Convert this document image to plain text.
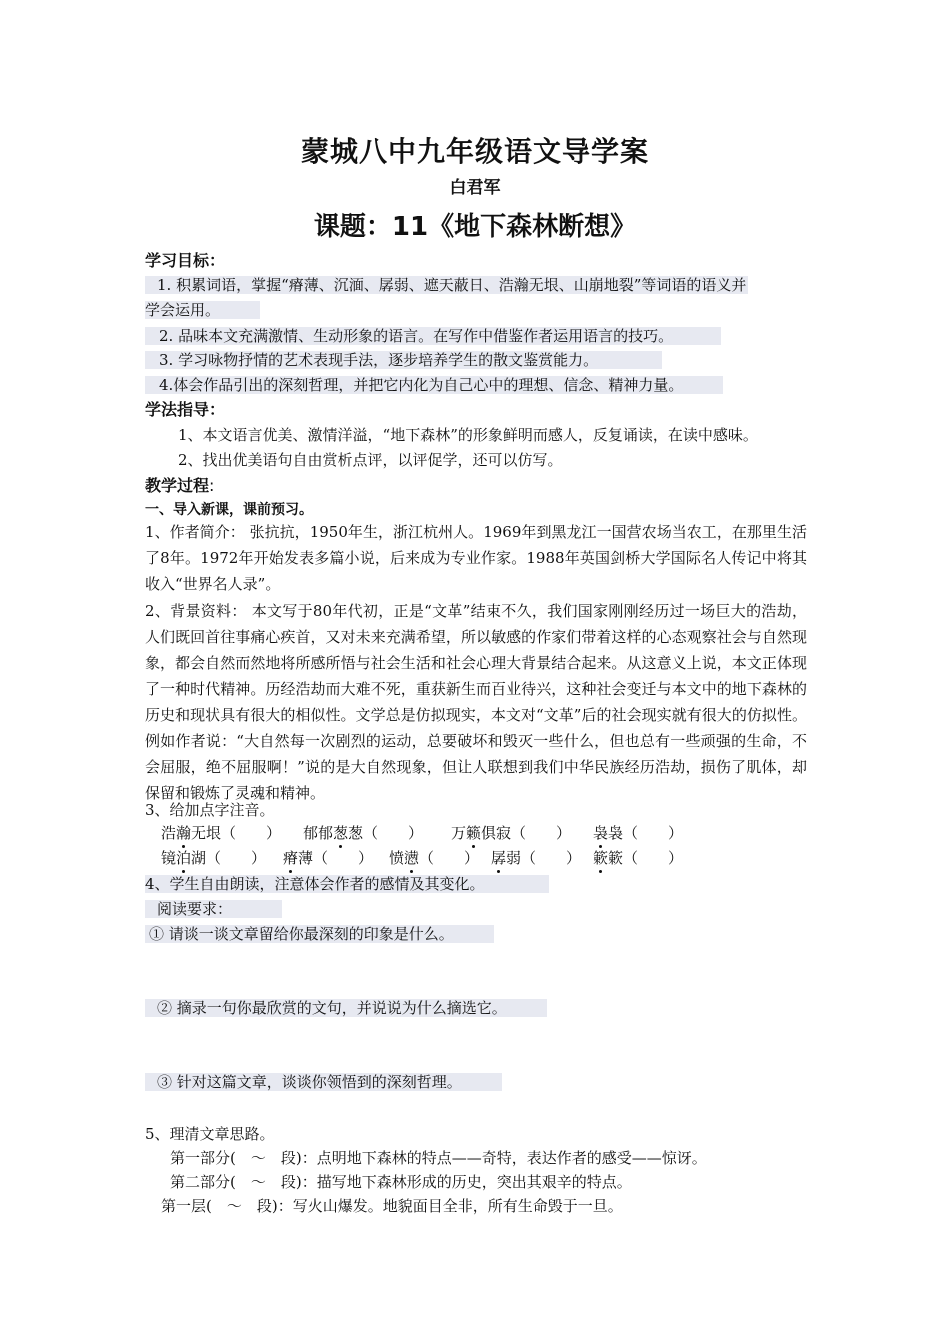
蒙城八中九年级语文导学案
白君军
课题：11《地下森林断想》
学习目标：
1. 积累词语，掌握“瘠薄、沉湎、孱弱、遮天蔽日、浩瀚无垠、山崩地裂”等词语的语义并
学会运用。
2. 品味本文充满激情、生动形象的语言。在写作中借鉴作者运用语言的技巧。
3. 学习咏物抒情的艺术表现手法，逐步培养学生的散文鉴赏能力。
4.体会作品引出的深刻哲理，并把它内化为自己心中的理想、信念、精神力量。
学法指导：
1、本文语言优美、激情洋溢，“地下森林”的形象鲜明而感人，反复诵读，在读中感味。
2、找出优美语句自由赏析点评，以评促学，还可以仿写。
教学过程:
一、导入新课，课前预习。
1、作者简介： 张抗抗，1950年生，浙江杭州人。1969年到黑龙江一国营农场当农工，在那里生活了8年。1972年开始发表多篇小说，后来成为专业作家。1988年英国剑桥大学国际名人传记中将其收入“世界名人录”。
2、背景资料： 本文写于80年代初，正是“文革”结束不久，我们国家刚刚经历过一场巨大的浩劫，人们既回首往事痛心疾首，又对未来充满希望，所以敏感的作家们带着这样的心态观察社会与自然现象，都会自然而然地将所感所悟与社会生活和社会心理大背景结合起来。从这意义上说，本文正体现了一种时代精神。历经浩劫而大难不死，重获新生而百业待兴，这种社会变迁与本文中的地下森林的历史和现状具有很大的相似性。文学总是仿拟现实，本文对“文革”后的社会现实就有很大的仿拟性。例如作者说：“大自然每一次剧烈的运动，总要破坏和毁灭一些什么，但也总有一些顽强的生命，不会屈服，绝不屈服啊！”说的是大自然现象，但让人联想到我们中华民族经历浩劫，损伤了肌体，却保留和锻炼了灵魂和精神。
3、给加点字注音。
浩瀚无垠（　　） 郁郁葱葱（　　） 万籁俱寂（　　） 袅袅（　　）
镜泊湖（　　） 瘠薄（　　） 愤懑（　　） 孱弱（　　） 簌簌（　　）
4、学生自由朗读，注意体会作者的感情及其变化。
阅读要求：
① 请谈一谈文章留给你最深刻的印象是什么。
② 摘录一句你最欣赏的文句，并说说为什么摘选它。
③ 针对这篇文章，谈谈你领悟到的深刻哲理。
5、理清文章思路。
第一部分(　～　段)：点明地下森林的特点——奇特，表达作者的感受——惊讶。
第二部分(　～　段)：描写地下森林形成的历史，突出其艰辛的特点。
第一层(　～　段)：写火山爆发。地貌面目全非，所有生命毁于一旦。
